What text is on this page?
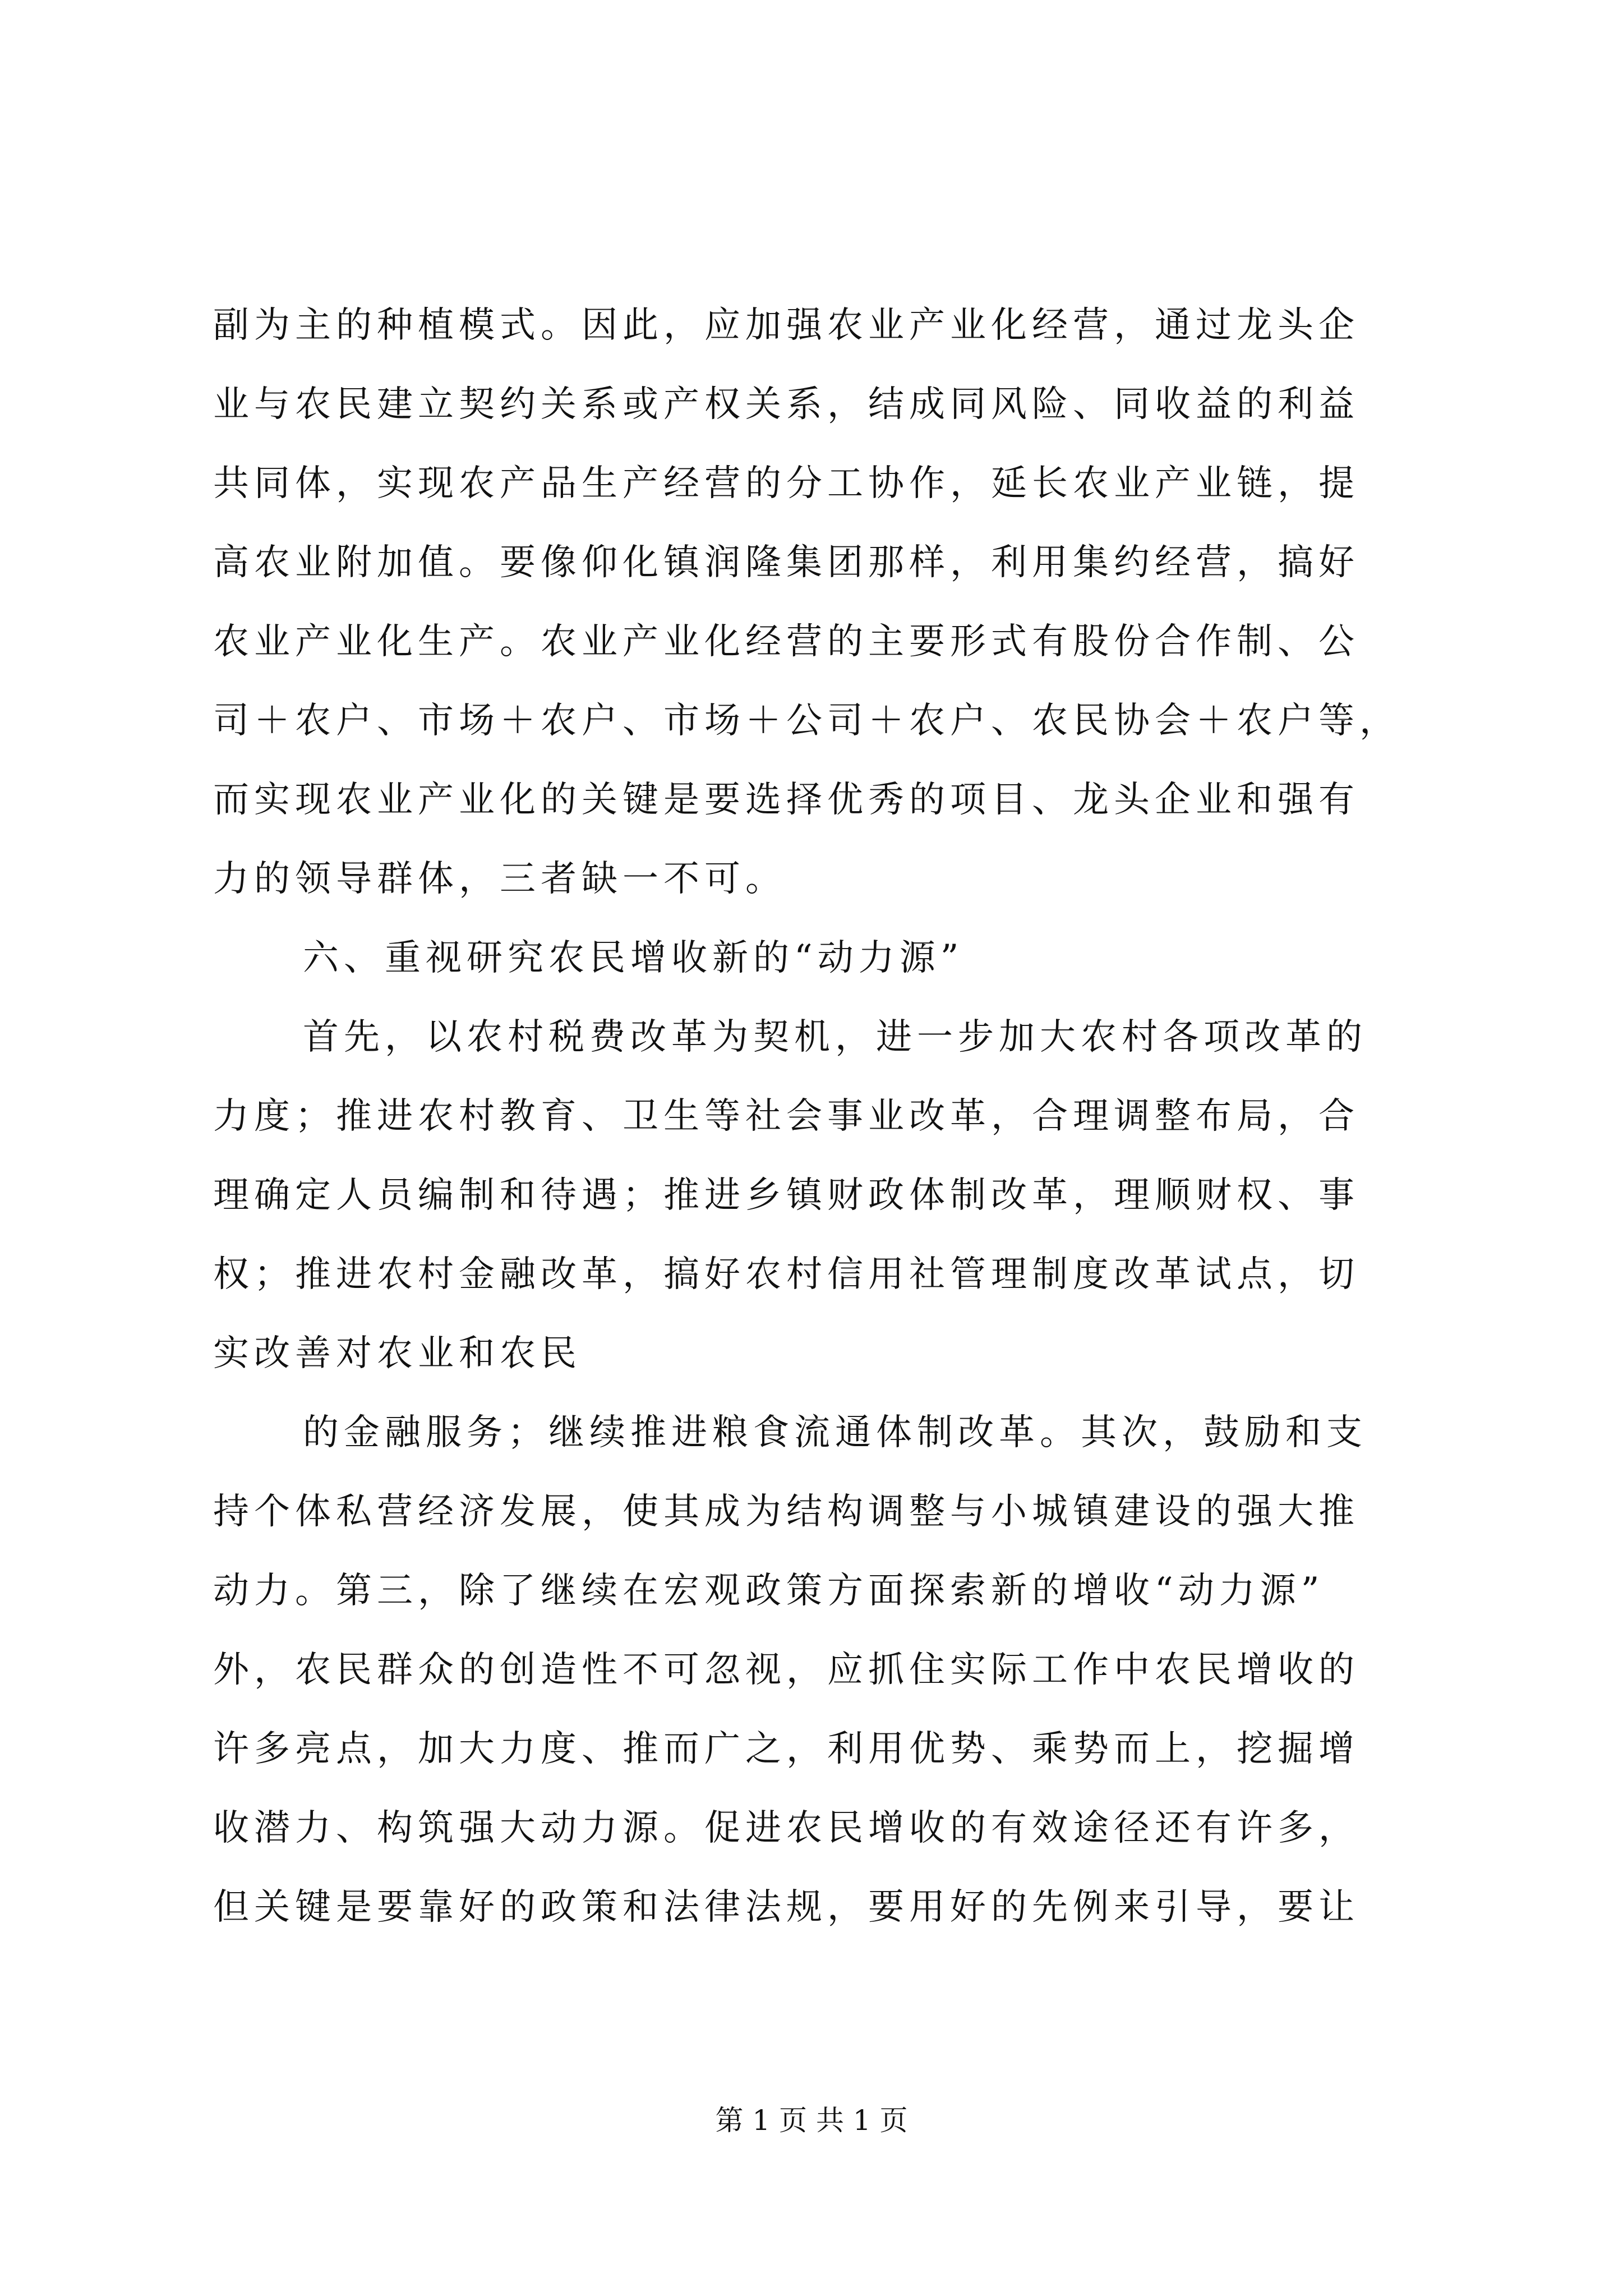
副为主的种植模式。因此，应加强农业产业化经营，通过龙头企
业与农民建立契约关系或产权关系，结成同风险、同收益的利益
共同体，实现农产品生产经营的分工协作，延长农业产业链，提
高农业附加值。要像仰化镇润隆集团那样，利用集约经营，搞好
农业产业化生产。农业产业化经营的主要形式有股份合作制、公
司＋农户、市场＋农户、市场＋公司＋农户、农民协会＋农户等，
而实现农业产业化的关键是要选择优秀的项目、龙头企业和强有
力的领导群体，三者缺一不可。
六、重视研究农民增收新的“动力源”
首先，以农村税费改革为契机，进一步加大农村各项改革的
力度；推进农村教育、卫生等社会事业改革，合理调整布局，合
理确定人员编制和待遇；推进乡镇财政体制改革，理顺财权、事
权；推进农村金融改革，搞好农村信用社管理制度改革试点，切
实改善对农业和农民
的金融服务；继续推进粮食流通体制改革。其次，鼓励和支
持个体私营经济发展，使其成为结构调整与小城镇建设的强大推
动力。第三，除了继续在宏观政策方面探索新的增收“动力源”
外，农民群众的创造性不可忽视，应抓住实际工作中农民增收的
许多亮点，加大力度、推而广之，利用优势、乘势而上，挖掘增
收潜力、构筑强大动力源。促进农民增收的有效途径还有许多，
但关键是要靠好的政策和法律法规，要用好的先例来引导，要让
第 1 页 共 1 页
